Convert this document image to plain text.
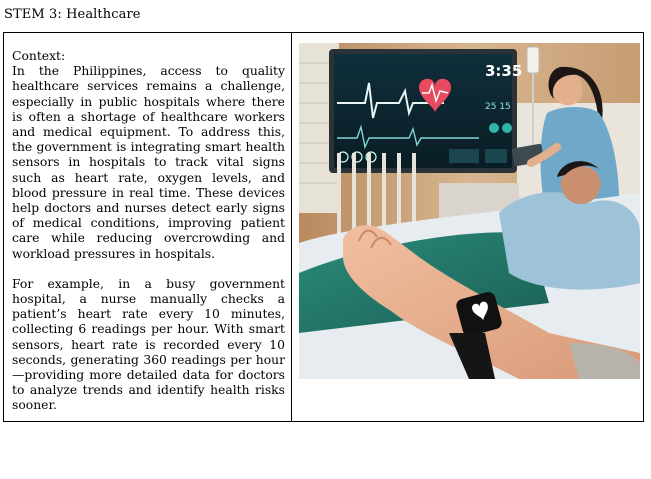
STEM 3: Healthcare

Context:
In the Philippines, access to quality healthcare services remains a challenge, especially in public hospitals where there is often a shortage of healthcare workers and medical equipment. To address this, the government is integrating smart health sensors in hospitals to track vital signs such as heart rate, oxygen levels, and blood pressure in real time. These devices help doctors and nurses detect early signs of medical conditions, improving patient care while reducing overcrowding and workload pressures in hospitals.

For example, in a busy government hospital, a nurse manually checks a patient’s heart rate every 10 minutes, collecting 6 readings per hour. With smart sensors, heart rate is recorded every 10 seconds, generating 360 readings per hour—providing more detailed data for doctors to analyze trends and identify health risks sooner.

3:35
25 15
